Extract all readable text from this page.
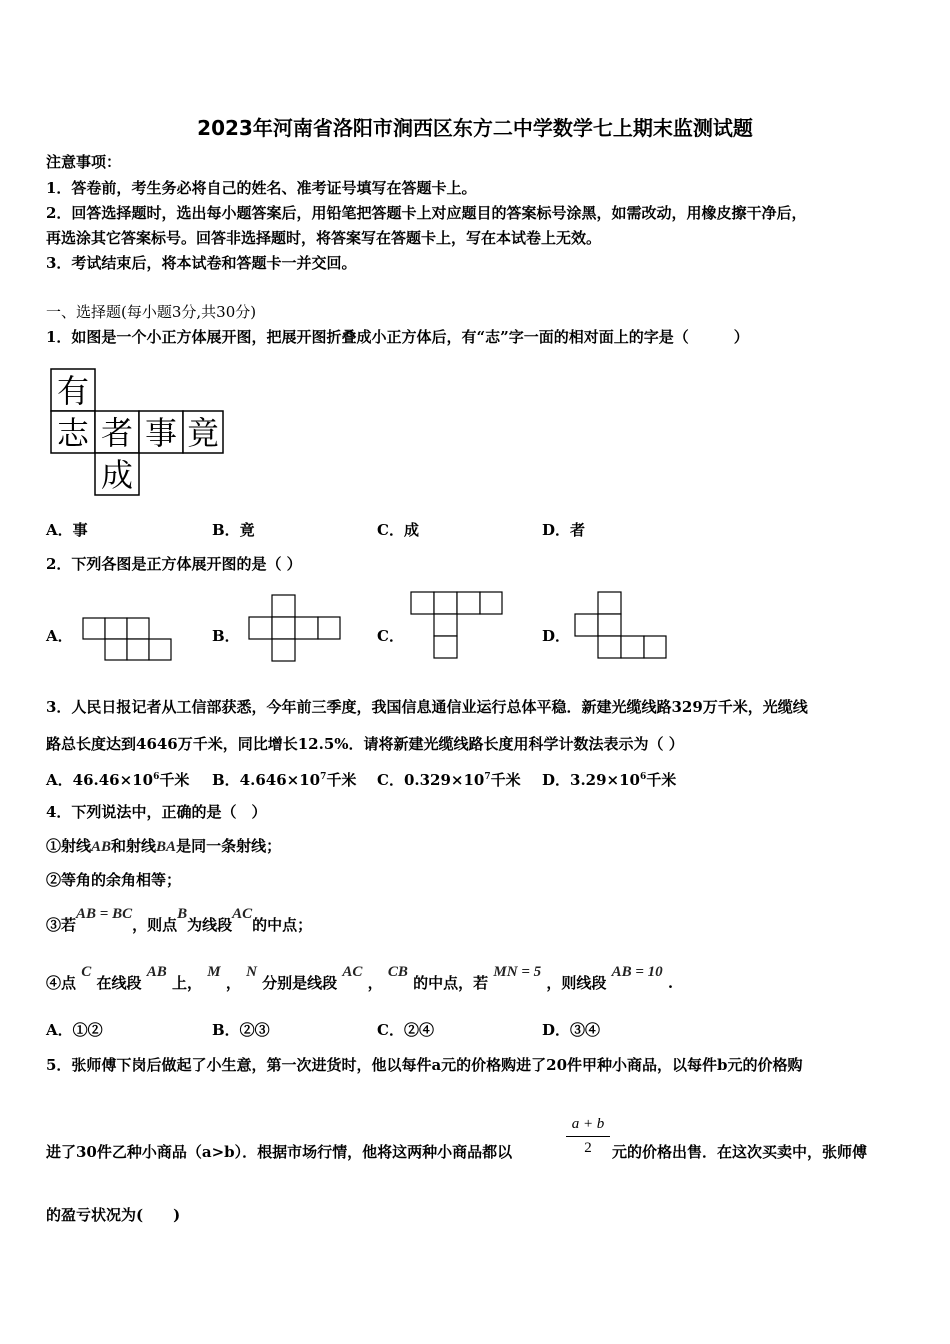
2023年河南省洛阳市涧西区东方二中学数学七上期末监测试题
注意事项：
1．答卷前，考生务必将自己的姓名、准考证号填写在答题卡上。
2．回答选择题时，选出每小题答案后，用铅笔把答题卡上对应题目的答案标号涂黑，如需改动，用橡皮擦干净后，
再选涂其它答案标号。回答非选择题时，将答案写在答题卡上，写在本试卷上无效。
3．考试结束后，将本试卷和答题卡一并交回。
一、选择题(每小题3分,共30分)
1．如图是一个小正方体展开图，把展开图折叠成小正方体后，有“志”字一面的相对面上的字是（　　　）
有
志 者 事 竟
成
A．事	B．竟	C．成	D．者
2．下列各图是正方体展开图的是（ ）
A．	B．	C．	D．
3．人民日报记者从工信部获悉，今年前三季度，我国信息通信业运行总体平稳．新建光缆线路329万千米，光缆线
路总长度达到4646万千米，同比增长12.5%．请将新建光缆线路长度用科学计数法表示为（ ）
A．$46.46\times 10^6$千米 B．$4.646\times 10^7$千米 C．$0.329\times 10^7$千米 D．$3.29\times 10^6$千米
4．下列说法中，正确的是（　）
①射线AB和射线BA是同一条射线；
②等角的余角相等；
③若AB = BC，则点B为线段AC的中点；
④点 C 在线段 AB 上， M ， N 分别是线段 AC ， CB 的中点，若 MN = 5 ，则线段 AB = 10 .
A．①②	B．②③	C．②④	D．③④
5．张师傅下岗后做起了小生意，第一次进货时，他以每件a元的价格购进了20件甲种小商品，以每件b元的价格购
进了30件乙种小商品（a>b）．根据市场行情，他将这两种小商品都以
a + b
2	元的价格出售．在这次买卖中，张师傅
的盈亏状况为(　　)
